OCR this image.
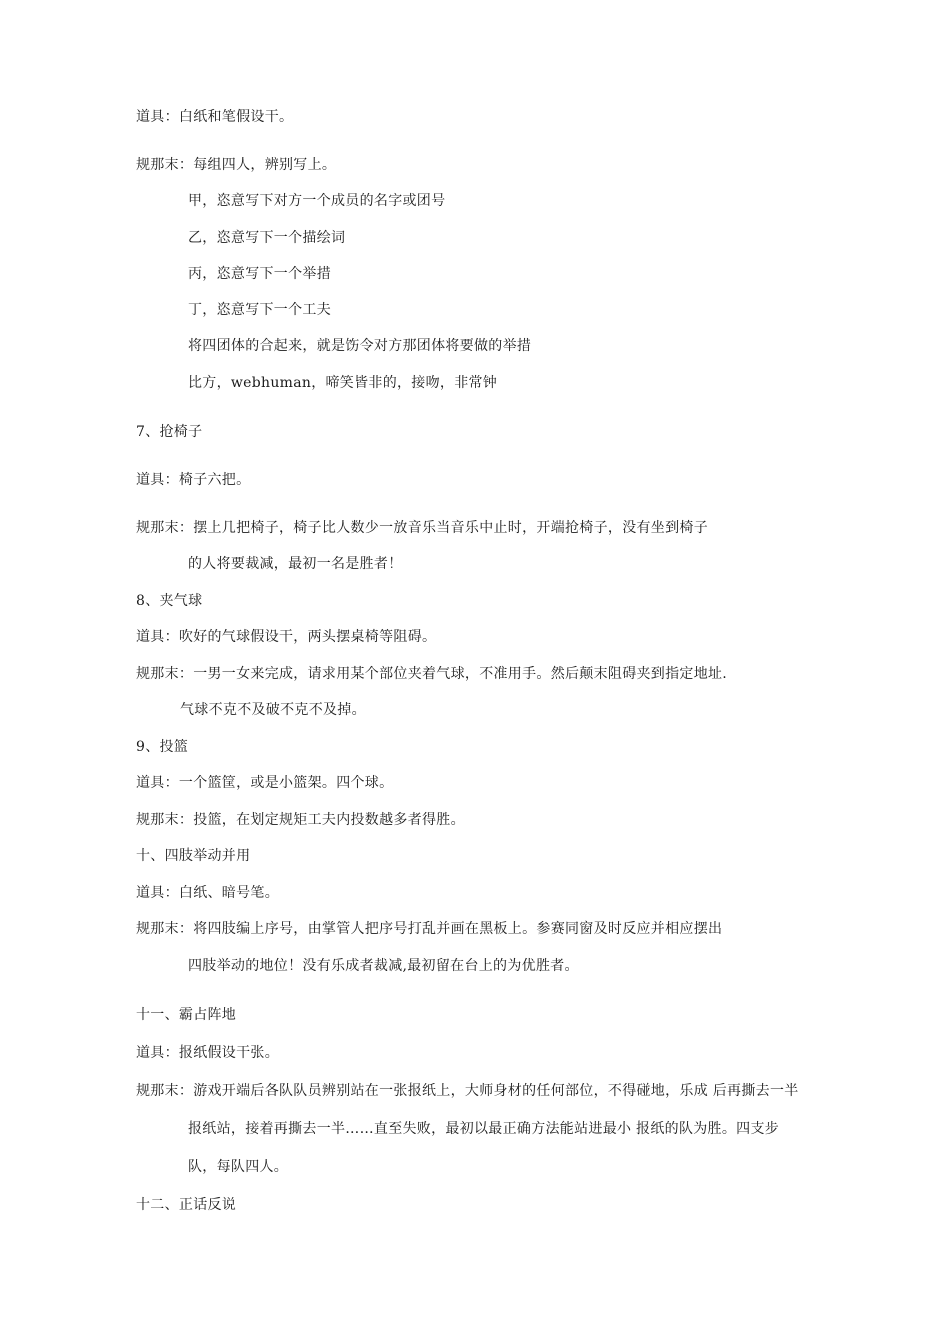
道具：白纸和笔假设干。
规那末：每组四人，辨别写上。
甲，恣意写下对方一个成员的名字或团号
乙，恣意写下一个描绘词
丙，恣意写下一个举措
丁，恣意写下一个工夫
将四团体的合起来，就是饬令对方那团体将要做的举措
比方，webhuman，啼笑皆非的，接吻，非常钟
7、抢椅子
道具：椅子六把。
规那末：摆上几把椅子，椅子比人数少一放音乐当音乐中止时，开端抢椅子，没有坐到椅子
的人将要裁减，最初一名是胜者！
8、夹气球
道具：吹好的气球假设干，两头摆桌椅等阻碍。
规那末：一男一女来完成，请求用某个部位夹着气球，不准用手。然后颠末阻碍夹到指定地址.
气球不克不及破不克不及掉。
9、投篮
道具：一个篮筐，或是小篮架。四个球。
规那末：投篮，在划定规矩工夫内投数越多者得胜。
十、四肢举动并用
道具：白纸、暗号笔。
规那末：将四肢编上序号，由掌管人把序号打乱并画在黑板上。参赛同窗及时反应并相应摆出
四肢举动的地位！没有乐成者裁减,最初留在台上的为优胜者。
十一、霸占阵地
道具：报纸假设干张。
规那末：游戏开端后各队队员辨别站在一张报纸上，大师身材的任何部位，不得碰地，乐成 后再撕去一半
报纸站，接着再撕去一半……直至失败，最初以最正确方法能站进最小 报纸的队为胜。四支步
队，每队四人。
十二、正话反说
